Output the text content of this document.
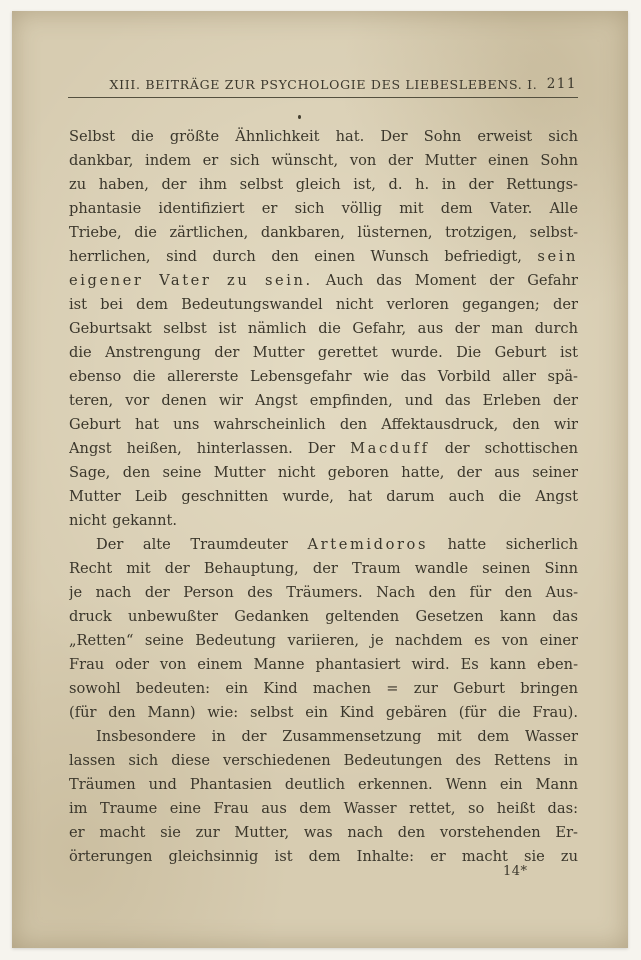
XIII. BEITRÄGE ZUR PSYCHOLOGIE DES LIEBESLEBENS. I. 211
Selbst die größte Ähnlichkeit hat. Der Sohn erweist sich
dankbar, indem er sich wünscht, von der Mutter einen Sohn
zu haben, der ihm selbst gleich ist, d. h. in der Rettungs-
phantasie identifiziert er sich völlig mit dem Vater. Alle
Triebe, die zärtlichen, dankbaren, lüsternen, trotzigen, selbst-
herrlichen, sind durch den einen Wunsch befriedigt, sein
eigener Vater zu sein. Auch das Moment der Gefahr
ist bei dem Bedeutungswandel nicht verloren gegangen; der
Geburtsakt selbst ist nämlich die Gefahr, aus der man durch
die Anstrengung der Mutter gerettet wurde. Die Geburt ist
ebenso die allererste Lebensgefahr wie das Vorbild aller spä-
teren, vor denen wir Angst empfinden, und das Erleben der
Geburt hat uns wahrscheinlich den Affektausdruck, den wir
Angst heißen, hinterlassen. Der Macduff der schottischen
Sage, den seine Mutter nicht geboren hatte, der aus seiner
Mutter Leib geschnitten wurde, hat darum auch die Angst
nicht gekannt.
Der alte Traumdeuter Artemidoros hatte sicherlich
Recht mit der Behauptung, der Traum wandle seinen Sinn
je nach der Person des Träumers. Nach den für den Aus-
druck unbewußter Gedanken geltenden Gesetzen kann das
„Retten“ seine Bedeutung variieren, je nachdem es von einer
Frau oder von einem Manne phantasiert wird. Es kann eben-
sowohl bedeuten: ein Kind machen = zur Geburt bringen
(für den Mann) wie: selbst ein Kind gebären (für die Frau).
Insbesondere in der Zusammensetzung mit dem Wasser
lassen sich diese verschiedenen Bedeutungen des Rettens in
Träumen und Phantasien deutlich erkennen. Wenn ein Mann
im Traume eine Frau aus dem Wasser rettet, so heißt das:
er macht sie zur Mutter, was nach den vorstehenden Er-
örterungen gleichsinnig ist dem Inhalte: er macht sie zu
14*
